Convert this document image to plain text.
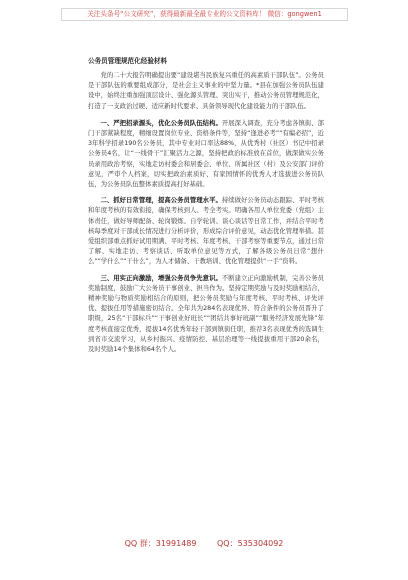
关注头条号“公文研究”，获得最新最全最专业的公文资料库！ 微信：gongwen1
公务员管理规范化经验材料

党的二十大报告明确提出要“建设堪当民族复兴重任的高素质干部队伍”。公务员是干部队伍的重要组成部分，是社会主义事业的中坚力量。*县在加强公务员队伍建设中，始终注重加强顶层设计、强化源头管理、突出实干，推动公务员管理规范化，打造了一支政治过硬、适应新时代要求、具备领导现代化建设能力的干部队伍。

一、严把招录源头，优化公务员队伍结构。开展深入调查，充分考虑各镇街、部门干部紧缺程度，精细设置岗位专业、资格条件等，坚持“逢进必考”“有编必招”，近3年科学招录190名公务员，其中专业对口率达88%，从优秀村（社区）书记中招录公务员4名，让“一线骨干”汇聚活力之源，坚持把政治标准放在首位，做深做实公务员录用政治考察，实地走访村委会和居委会、单位、所属社区（村）及公安部门评价意见，严审个人档案，切实把政治素质好、有家国情怀的优秀人才选拔进公务员队伍，为公务员队伍整体素质提高打好基础。

二、抓好日常管理，提高公务员管理水平。持续做好公务员动态跟踪、平时考核和年度考核的有效衔接，确保考核到人、考全考实。明确各用人单位党委（党组）主体责任，做好导师配备、轮岗锻炼、自学轮训、谈心谈话等日常工作，并结合平时考核每季度对干部成长情况进行分析评价，形成综合评价意见，动态优化管理举措。甚爱组织部重点抓好试用期满、平时考核、年度考核、干部考察等重要节点，通过日常了解、实地走访、考察谈话、听取单位意见等方式，了解各级公务员日常“想什么”“学什么”“干什么”，为人才储备、干教培训、优化管理提供“一手”资料。

三、用实正向激励，增强公务员争先意识。不断建立正向激励机制，完善公务员奖励制度，鼓励广大公务员干事创业、担当作为。坚持定期奖励与及时奖励相结合，精神奖励与物质奖励相结合的原则，把公务员奖励与年度考核、平时考核、评先评优、提拔任用等措施密切结合。全年共为284名表现优异、符合条件的公务员晋升了职级，25名“干部标兵”“干事创业好班长”“团结共事好班副”“服务经济发展先锋”年度考核直接定优秀，提拔14名优秀年轻干部到镇街任职，推荐3名表现优秀的选调生到省市交流学习，从乡村振兴、疫情防控、基层治理等一线提拔重用干部20余名，及时奖励14个集体和64名个人。

QQ 群：31991489	QQ：535304092
